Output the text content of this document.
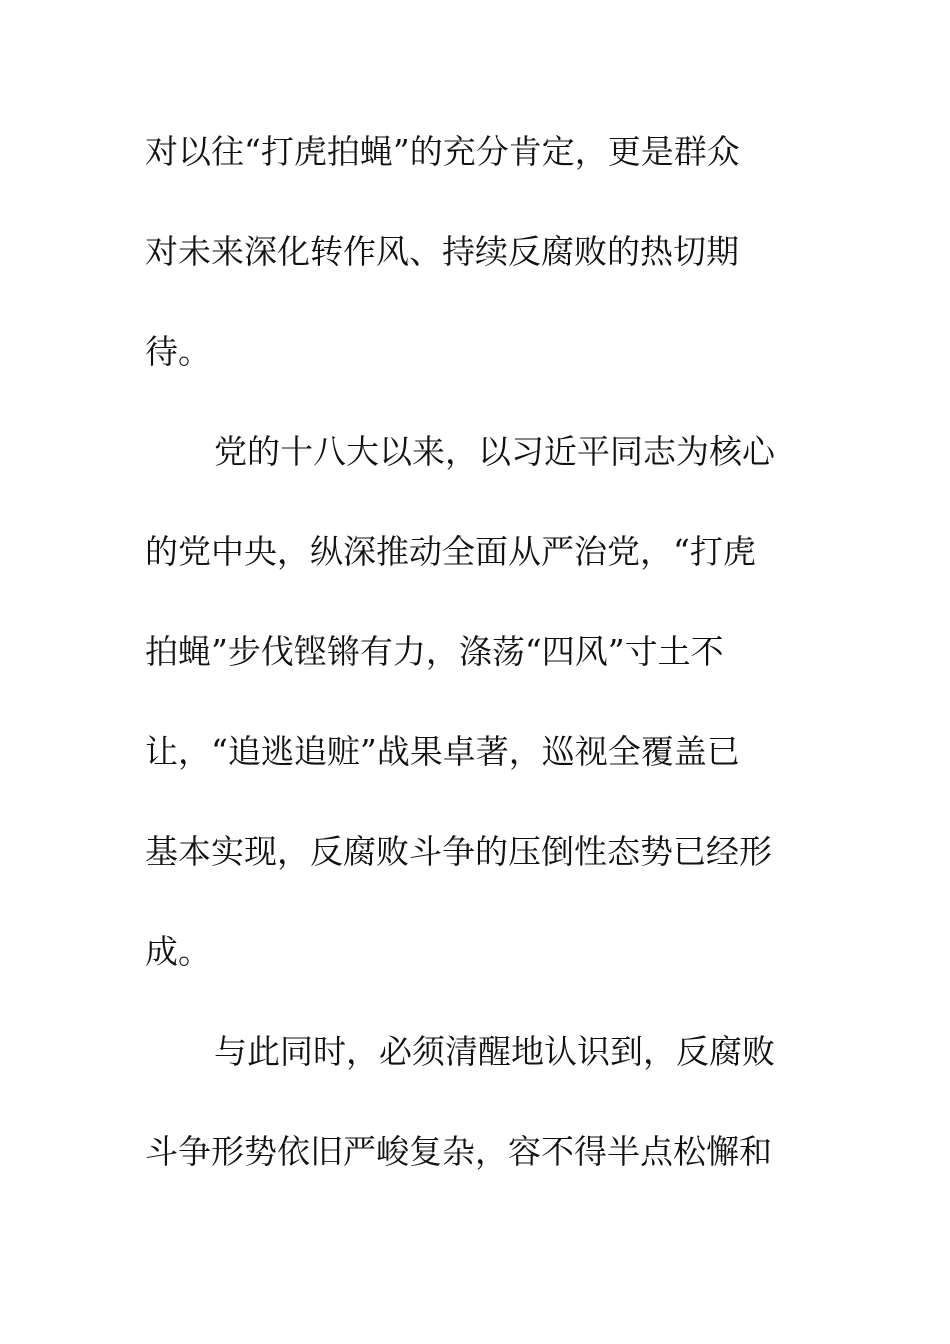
对以往“打虎拍蝇”的充分肯定，更是群众
对未来深化转作风、持续反腐败的热切期
待。
党的十八大以来，以习近平同志为核心
的党中央，纵深推动全面从严治党，“打虎
拍蝇”步伐铿锵有力，涤荡“四风”寸土不
让，“追逃追赃”战果卓著，巡视全覆盖已
基本实现，反腐败斗争的压倒性态势已经形
成。
与此同时，必须清醒地认识到，反腐败
斗争形势依旧严峻复杂，容不得半点松懈和
